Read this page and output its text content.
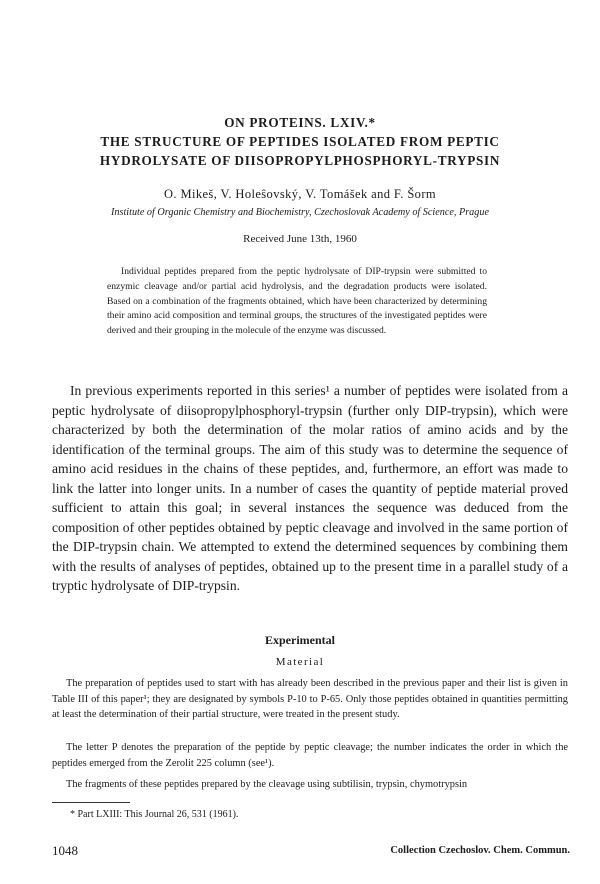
ON PROTEINS. LXIV.*
THE STRUCTURE OF PEPTIDES ISOLATED FROM PEPTIC
HYDROLYSATE OF DIISOPROPYLPHOSPHORYL-TRYPSIN
O. Mikeš, V. Holeŝovský, V. Tomášek and F. Šorm
Institute of Organic Chemistry and Biochemistry, Czechoslovak Academy of Science, Prague
Received June 13th, 1960
Individual peptides prepared from the peptic hydrolysate of DIP-trypsin were submitted to enzymic cleavage and/or partial acid hydrolysis, and the degradation products were isolated. Based on a combination of the fragments obtained, which have been characterized by determining their amino acid composition and terminal groups, the structures of the investigated peptides were derived and their grouping in the molecule of the enzyme was discussed.
In previous experiments reported in this series¹ a number of peptides were isolated from a peptic hydrolysate of diisopropylphosphoryl-trypsin (further only DIP-trypsin), which were characterized by both the determination of the molar ratios of amino acids and by the identification of the terminal groups. The aim of this study was to determine the sequence of amino acid residues in the chains of these peptides, and, furthermore, an effort was made to link the latter into longer units. In a number of cases the quantity of peptide material proved sufficient to attain this goal; in several instances the sequence was deduced from the composition of other peptides obtained by peptic cleavage and involved in the same portion of the DIP-trypsin chain. We attempted to extend the determined sequences by combining them with the results of analyses of peptides, obtained up to the present time in a parallel study of a tryptic hydrolysate of DIP-trypsin.
Experimental
Material
The preparation of peptides used to start with has already been described in the previous paper and their list is given in Table III of this paper¹; they are designated by symbols P-10 to P-65. Only those peptides obtained in quantities permitting at least the determination of their partial structure, were treated in the present study.
The letter P denotes the preparation of the peptide by peptic cleavage; the number indicates the order in which the peptides emerged from the Zerolit 225 column (see¹).
The fragments of these peptides prepared by the cleavage using subtilisin, trypsin, chymotrypsin
* Part LXIII: This Journal 26, 531 (1961).
1048	Collection Czechoslov. Chem. Commun.
